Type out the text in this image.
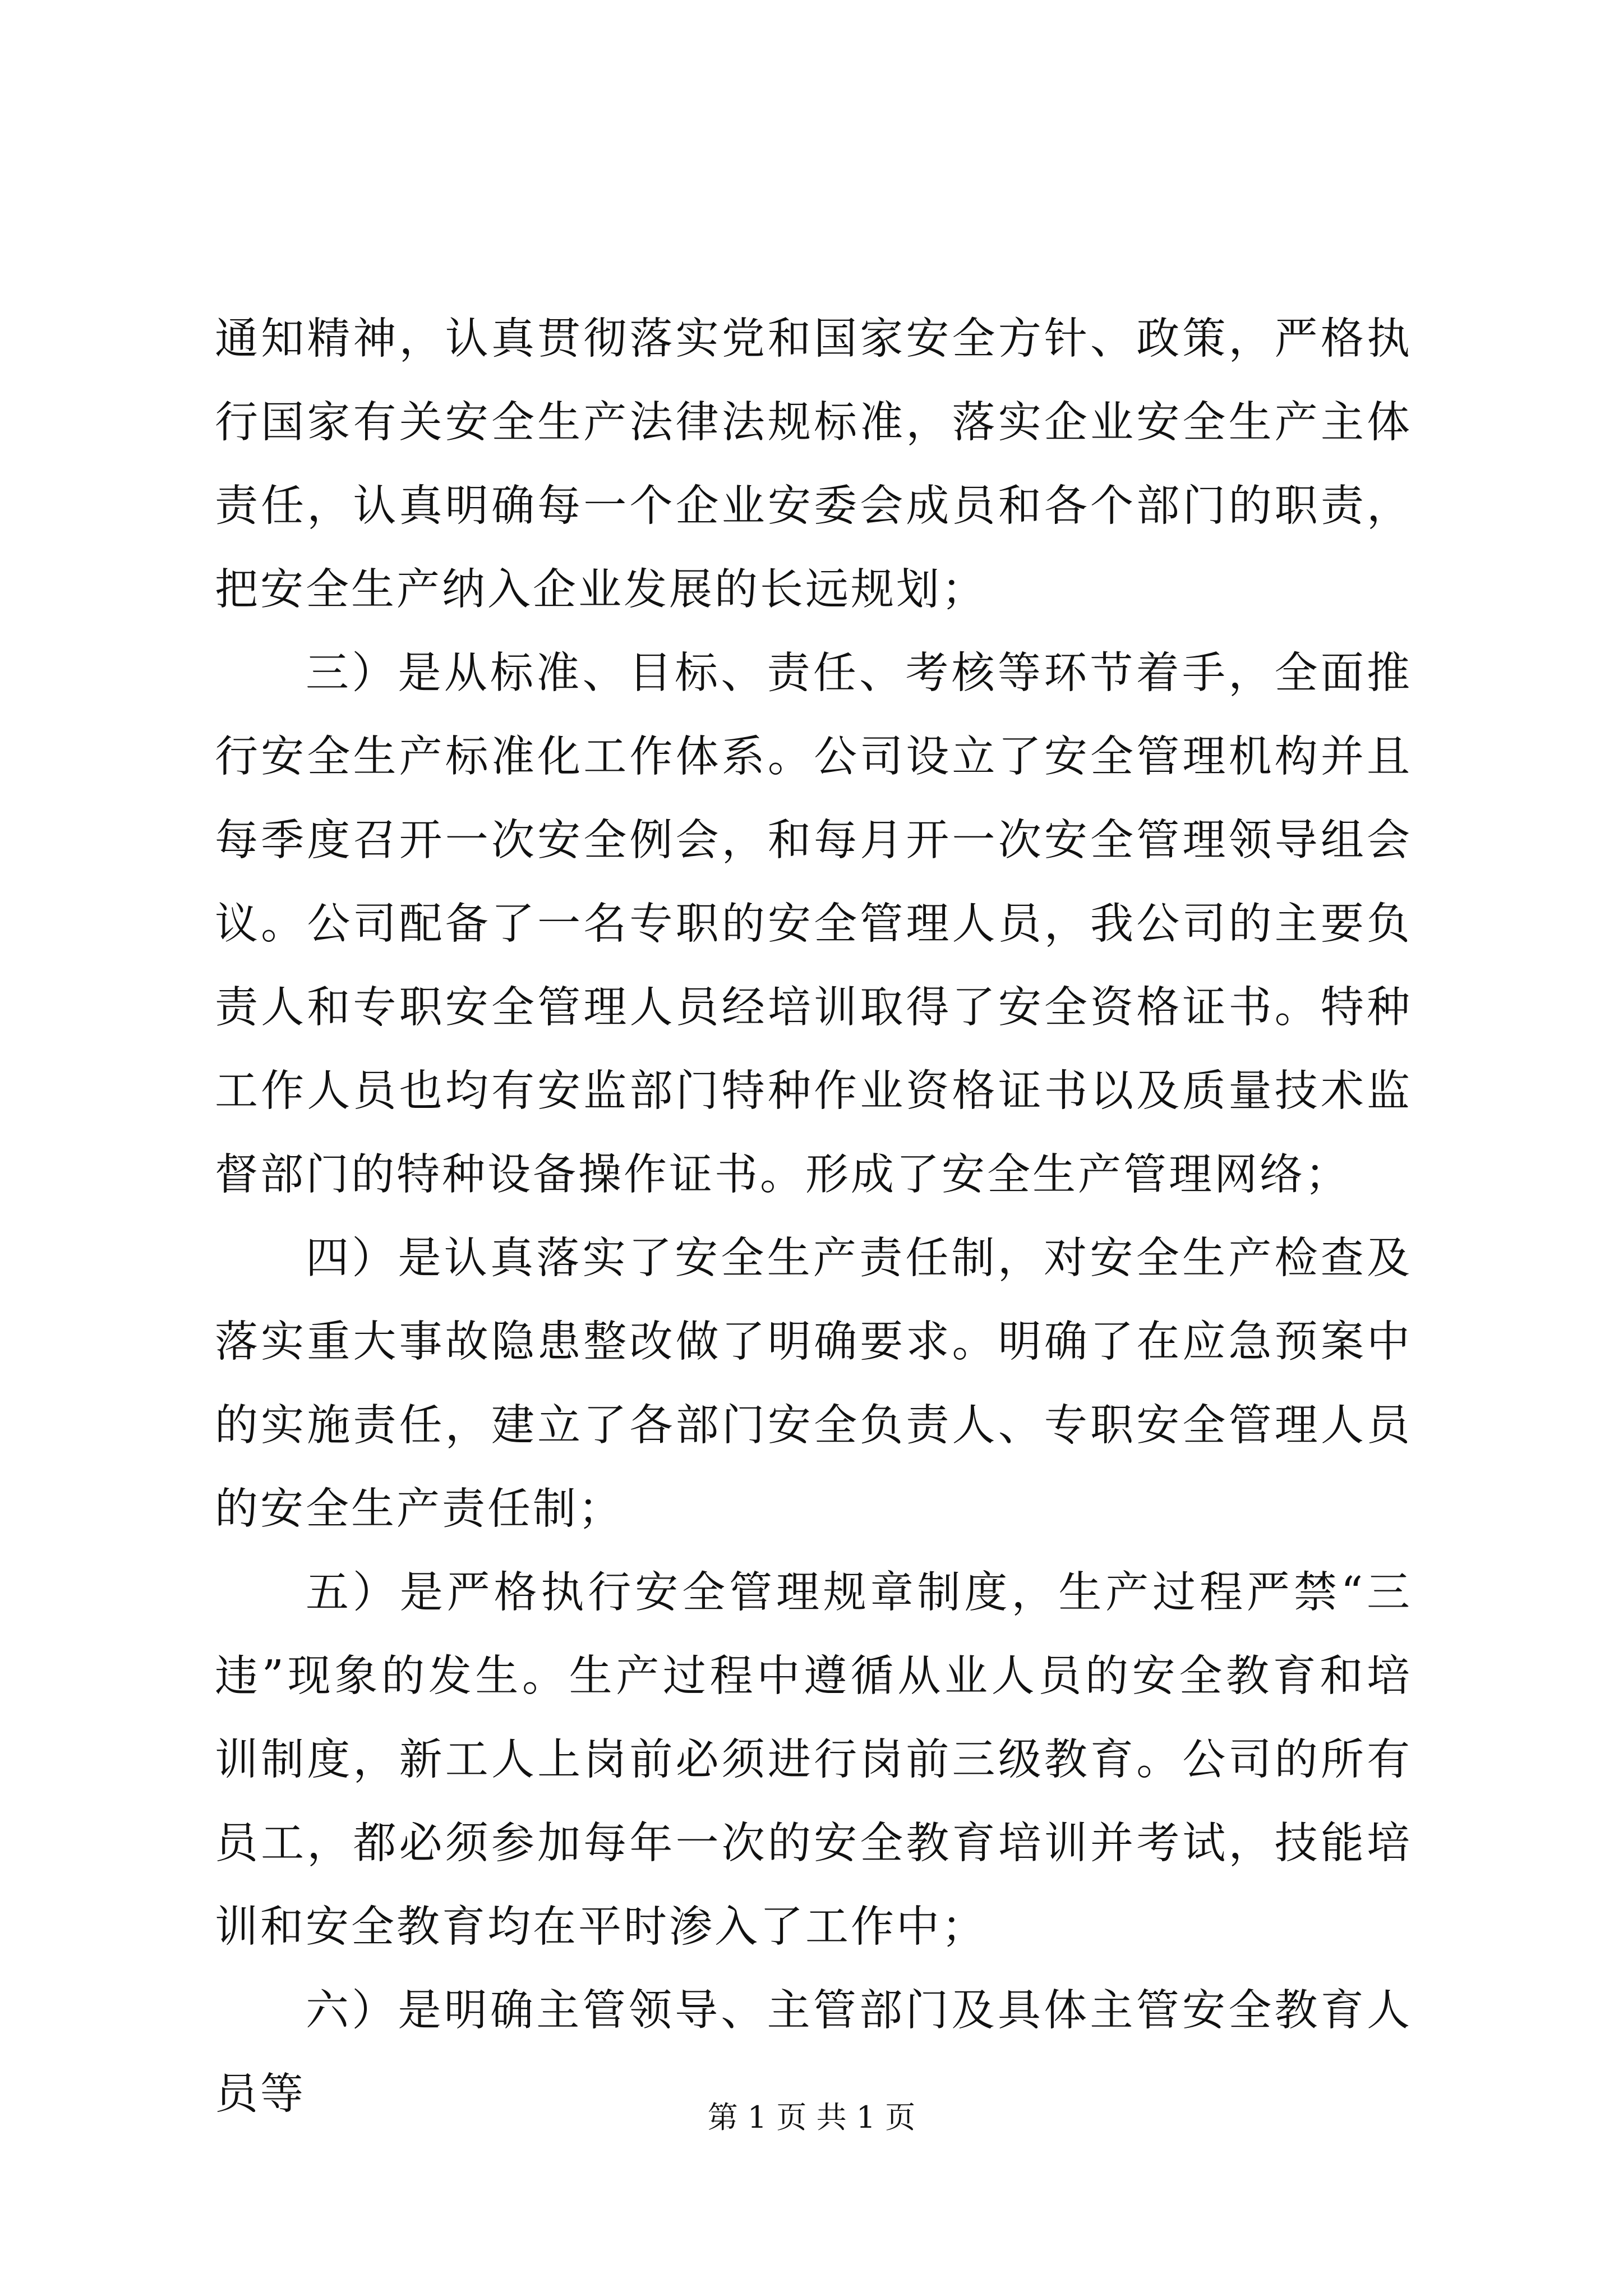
通知精神，认真贯彻落实党和国家安全方针、政策，严格执行国家有关安全生产法律法规标准，落实企业安全生产主体责任，认真明确每一个企业安委会成员和各个部门的职责，把安全生产纳入企业发展的长远规划；

三）是从标准、目标、责任、考核等环节着手，全面推行安全生产标准化工作体系。公司设立了安全管理机构并且每季度召开一次安全例会，和每月开一次安全管理领导组会议。公司配备了一名专职的安全管理人员，我公司的主要负责人和专职安全管理人员经培训取得了安全资格证书。特种工作人员也均有安监部门特种作业资格证书以及质量技术监督部门的特种设备操作证书。形成了安全生产管理网络；

四）是认真落实了安全生产责任制，对安全生产检查及落实重大事故隐患整改做了明确要求。明确了在应急预案中的实施责任，建立了各部门安全负责人、专职安全管理人员的安全生产责任制；

五）是严格执行安全管理规章制度，生产过程严禁“三违”现象的发生。生产过程中遵循从业人员的安全教育和培训制度，新工人上岗前必须进行岗前三级教育。公司的所有员工，都必须参加每年一次的安全教育培训并考试，技能培训和安全教育均在平时渗入了工作中；

六）是明确主管领导、主管部门及具体主管安全教育人员等	第 1 页 共 1 页
